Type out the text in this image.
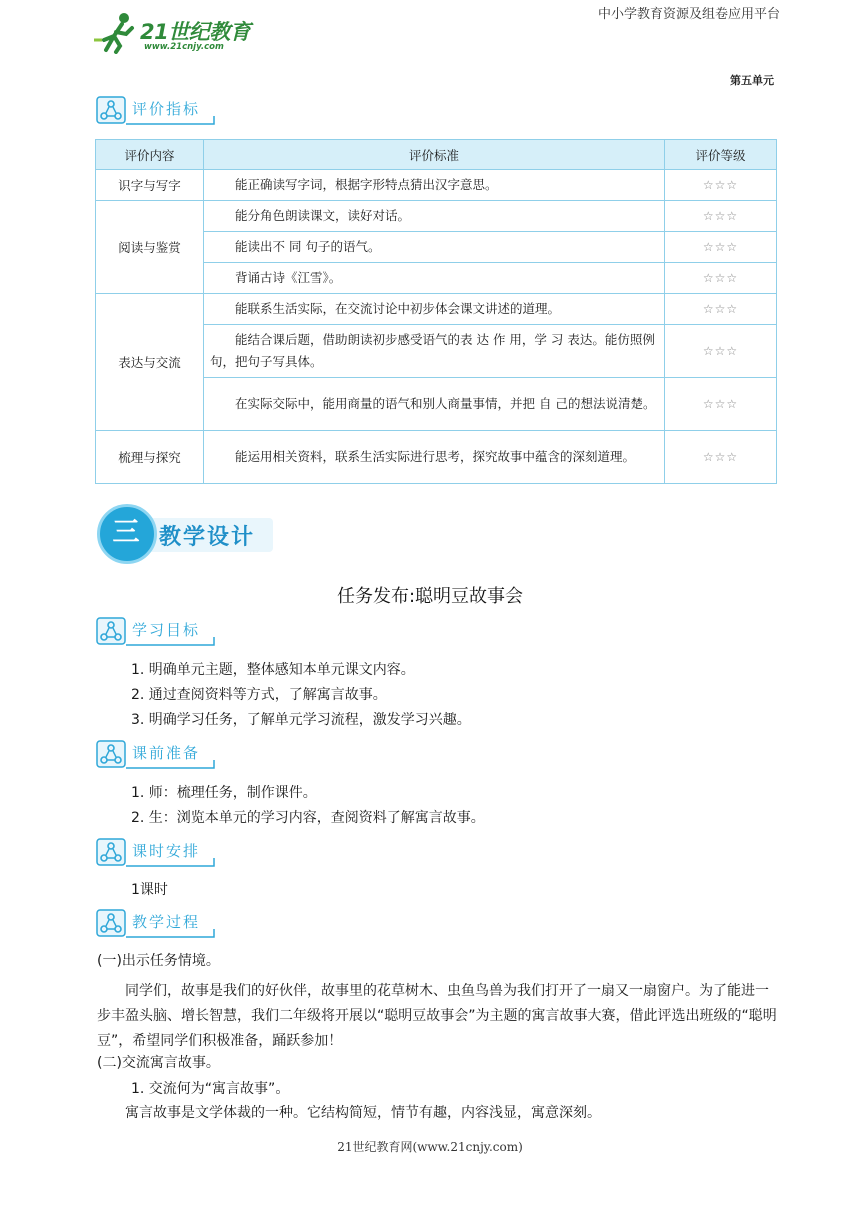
21世纪教育
www.21cnjy.com
中小学教育资源及组卷应用平台
第五单元
评价指标
评价内容	评价标准	评价等级
识字与写字	能正确读写字词，根据字形特点猜出汉字意思。	☆☆☆
阅读与鉴赏	能分角色朗读课文，读好对话。	☆☆☆
	能读出不 同 句子的语气。	☆☆☆
	背诵古诗《江雪》。	☆☆☆
表达与交流	能联系生活实际，在交流讨论中初步体会课文讲述的道理。	☆☆☆
	能结合课后题，借助朗读初步感受语气的表 达 作 用，学 习 表达。能仿照例句，把句子写具体。	☆☆☆
	在实际交际中，能用商量的语气和别人商量事情，并把 自 己的想法说清楚。	☆☆☆
梳理与探究	能运用相关资料，联系生活实际进行思考，探究故事中蕴含的深刻道理。	☆☆☆
三 教学设计
任务发布:聪明豆故事会
学习目标
1. 明确单元主题，整体感知本单元课文内容。
2. 通过查阅资料等方式，了解寓言故事。
3. 明确学习任务，了解单元学习流程，激发学习兴趣。
课前准备
1. 师：梳理任务，制作课件。
2. 生：浏览本单元的学习内容，查阅资料了解寓言故事。
课时安排
1课时
教学过程
(一)出示任务情境。
同学们，故事是我们的好伙伴，故事里的花草树木、虫鱼鸟兽为我们打开了一扇又一扇窗户。为了能进一步丰盈头脑、增长智慧，我们二年级将开展以“聪明豆故事会”为主题的寓言故事大赛，借此评选出班级的“聪明豆”，希望同学们积极准备，踊跃参加！
(二)交流寓言故事。
1. 交流何为“寓言故事”。
寓言故事是文学体裁的一种。它结构简短，情节有趣，内容浅显，寓意深刻。
21世纪教育网(www.21cnjy.com)
